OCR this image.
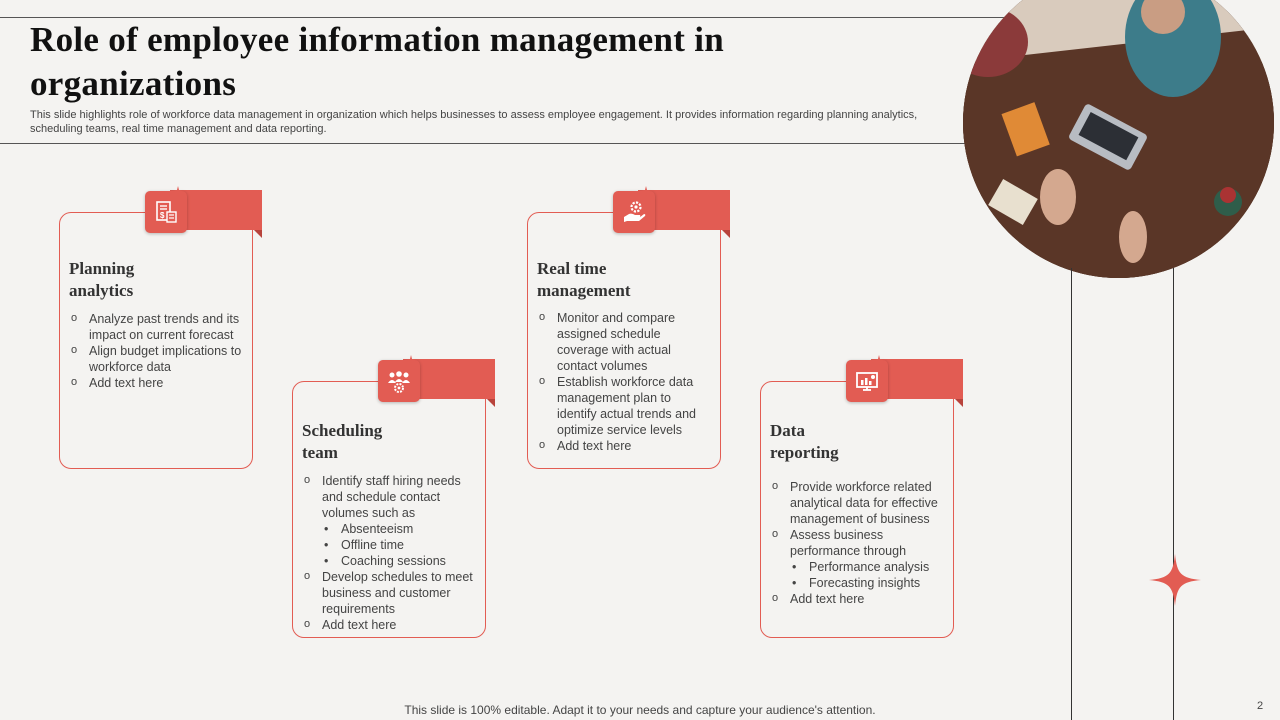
Role of employee information management in organizations
This slide highlights role of workforce data management in organization which helps businesses to assess employee engagement. It provides information regarding planning analytics, scheduling teams, real time management and data reporting.
$
Planning analytics
o Analyze past trends and its impact on current forecast
o Align budget implications to workforce data
o Add text here
Scheduling team
o Identify staff hiring needs and schedule contact volumes such as
• Absenteeism
• Offline time
• Coaching sessions
o Develop schedules to meet business and customer requirements
o Add text here
Real time management
o Monitor and compare assigned schedule coverage with actual contact volumes
o Establish workforce data management plan to identify actual trends and optimize service levels
o Add text here
Data reporting
o Provide workforce related analytical data for effective management of business
o Assess business performance through
• Performance analysis
• Forecasting insights
o Add text here
This slide is 100% editable. Adapt it to your needs and capture your audience's attention.	2
